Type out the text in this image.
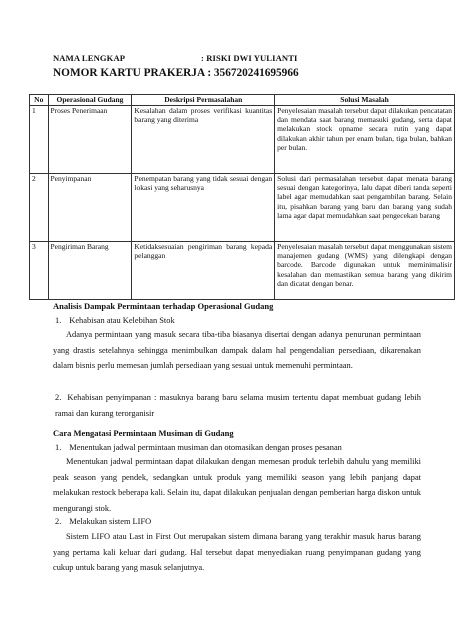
NAMA LENGKAP	: RISKI DWI YULIANTI
NOMOR KARTU PRAKERJA : 356720241695966
No	Operasional Gudang	Deskripsi Permasalahan	Solusi Masalah
1	Proses Penerimaan	Kesalahan dalam proses verifikasi kuantitas barang yang diterima	Penyelesaian masalah tersebut dapat dilakukan pencatatan dan mendata saat barang memasuki gudang, serta dapat melakukan stock opname secara rutin yang dapat dilakukan akhir tahun per enam bulan, tiga bulan, bahkan per bulan.
2	Penyimpanan	Penempatan barang yang tidak sesuai dengan lokasi yang seharusnya	Solusi dari permasalahan tersebut dapat menata barang sesuai dengan kategorinya, lalu dapat diberi tanda seperti label agar memudahkan saat pengambilan barang. Selain itu, pisahkan barang yang baru dan barang yang sudah lama agar dapat memudahkan saat pengecekan barang
3	Pengiriman Barang	Ketidaksesuaian pengiriman barang kepada pelanggan	Penyelesaian masalah tersebut dapat menggunakan sistem manajemen gudang (WMS) yang dilengkapi dengan barcode. Barcode digunakan untuk meminimalisir kesalahan dan memastikan semua barang yang dikirim dan dicatat dengan benar.
Analisis Dampak Permintaan terhadap Operasional Gudang
1. Kehabisan atau Kelebihan Stok
Adanya permintaan yang masuk secara tiba-tiba biasanya disertai dengan adanya penurunan permintaan yang drastis setelahnya sehingga menimbulkan dampak dalam hal pengendalian persediaan, dikarenakan dalam bisnis perlu memesan jumlah persediaan yang sesuai untuk memenuhi permintaan.
2. Kehabisan penyimpanan : masuknya barang baru selama musim tertentu dapat membuat gudang lebih ramai dan kurang terorganisir
Cara Mengatasi Permintaan Musiman di Gudang
1. Menentukan jadwal permintaan musiman dan otomasikan dengan proses pesanan
Menentukan jadwal permintaan dapat dilakukan dengan memesan produk terlebih dahulu yang memiliki peak season yang pendek, sedangkan untuk produk yang memiliki season yang lebih panjang dapat melakukan restock beberapa kali. Selain itu, dapat dilakukan penjualan dengan pemberian harga diskon untuk mengurangi stok.
2. Melakukan sistem LIFO
Sistem LIFO atau Last in First Out merupakan sistem dimana barang yang terakhir masuk harus barang yang pertama kali keluar dari gudang. Hal tersebut dapat menyediakan ruang penyimpanan gudang yang cukup untuk barang yang masuk selanjutnya.
